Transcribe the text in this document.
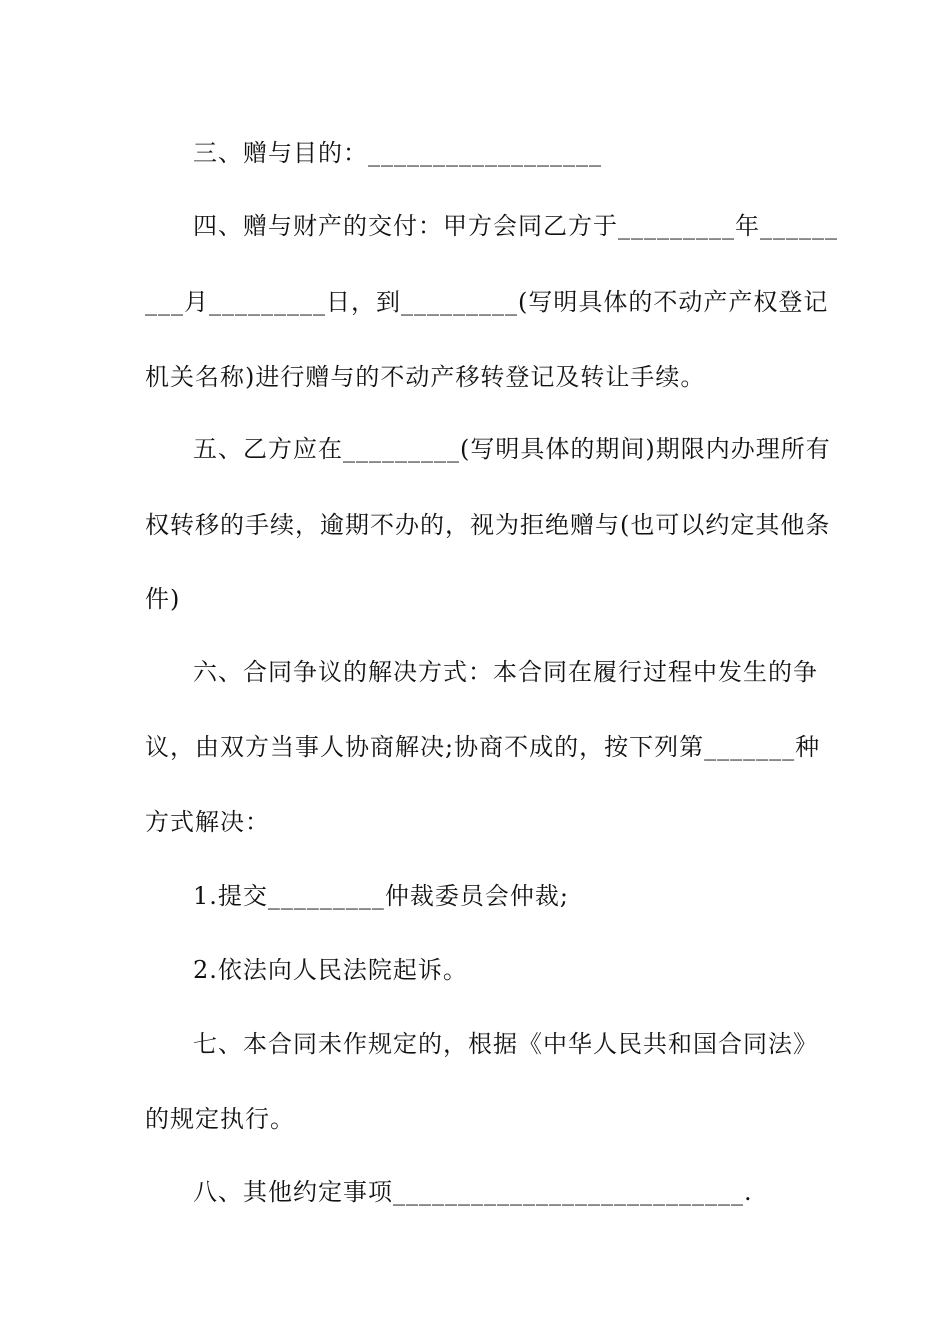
三、赠与目的：__________________
四、赠与财产的交付：甲方会同乙方于_________年______
___月_________日，到_________(写明具体的不动产产权登记
机关名称)进行赠与的不动产移转登记及转让手续。
五、乙方应在_________(写明具体的期间)期限内办理所有
权转移的手续，逾期不办的，视为拒绝赠与(也可以约定其他条
件)
六、合同争议的解决方式：本合同在履行过程中发生的争
议，由双方当事人协商解决;协商不成的，按下列第_______种
方式解决：
1.提交_________仲裁委员会仲裁;
2.依法向人民法院起诉。
七、本合同未作规定的，根据《中华人民共和国合同法》
的规定执行。
八、其他约定事项___________________________.
